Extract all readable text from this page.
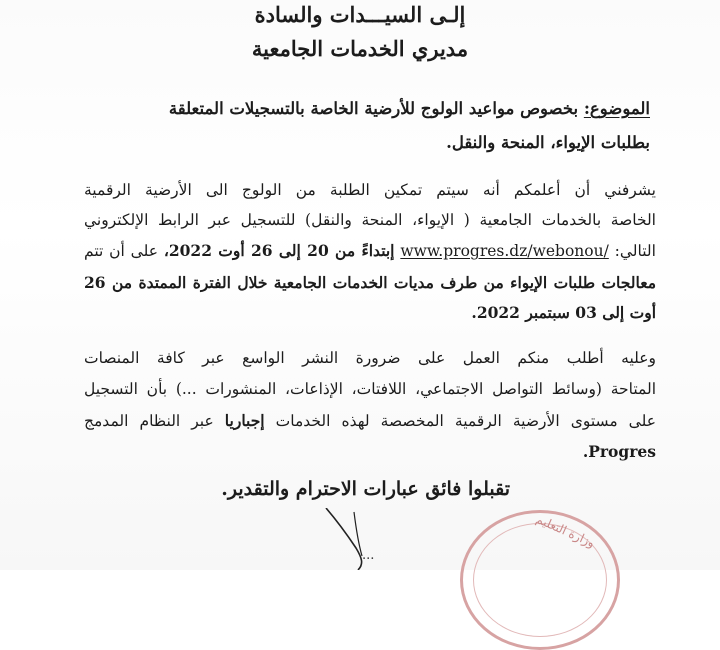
إلـى السيـــدات والسادة
مديري الخدمات الجامعية
الموضوع: بخصوص مواعيد الولوج للأرضية الخاصة بالتسجيلات المتعلقة
بطلبات الإيواء، المنحة والنقل.
يشرفني أن أعلمكم أنه سيتم تمكين الطلبة من الولوج الى الأرضية الرقمية
الخاصة بالخدمات الجامعية ( الإيواء، المنحة والنقل) للتسجيل عبر الرابط الإلكتروني
التالي: www.progres.dz/webonou/ إبتداءً من 20 إلى 26 أوت 2022، على أن تتم
معالجات طلبات الإيواء من طرف مديات الخدمات الجامعية خلال الفترة الممتدة من 26
أوت إلى 03 سبتمبر 2022.
وعليه أطلب منكم العمل على ضرورة النشر الواسع عبر كافة المنصات
المتاحة (وسائط التواصل الاجتماعي، اللافتات، الإذاعات، المنشورات ...) بأن التسجيل
على مستوى الأرضية الرقمية المخصصة لهذه الخدمات إجباريا عبر النظام المدمج
Progres.
تقبلوا فائق عبارات الاحترام والتقدير.
...
وزارة التعليم
